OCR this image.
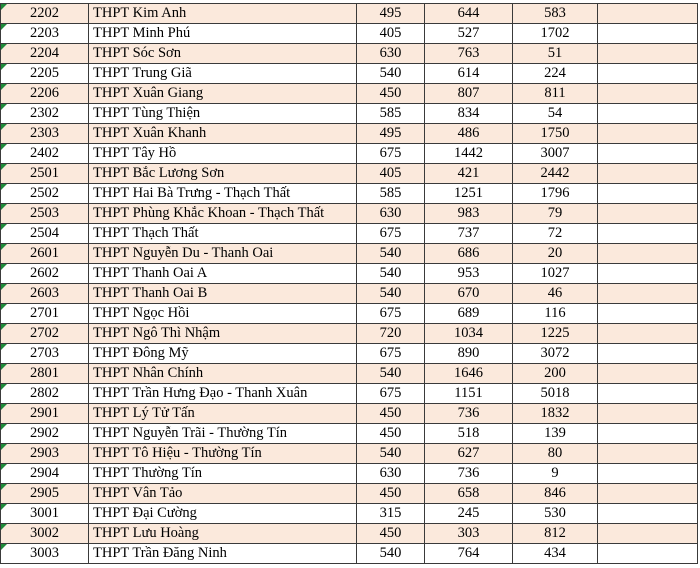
2202	THPT Kim Anh	495	644	583	
2203	THPT Minh Phú	405	527	1702	
2204	THPT Sóc Sơn	630	763	51	
2205	THPT Trung Giã	540	614	224	
2206	THPT Xuân Giang	450	807	811	
2302	THPT Tùng Thiện	585	834	54	
2303	THPT Xuân Khanh	495	486	1750	
2402	THPT Tây Hồ	675	1442	3007	
2501	THPT Bắc Lương Sơn	405	421	2442	
2502	THPT Hai Bà Trưng - Thạch Thất	585	1251	1796	
2503	THPT Phùng Khắc Khoan - Thạch Thất	630	983	79	
2504	THPT Thạch Thất	675	737	72	
2601	THPT Nguyễn Du - Thanh Oai	540	686	20	
2602	THPT Thanh Oai A	540	953	1027	
2603	THPT Thanh Oai B	540	670	46	
2701	THPT Ngọc Hồi	675	689	116	
2702	THPT Ngô Thì Nhậm	720	1034	1225	
2703	THPT Đông Mỹ	675	890	3072	
2801	THPT Nhân Chính	540	1646	200	
2802	THPT Trần Hưng Đạo - Thanh Xuân	675	1151	5018	
2901	THPT Lý Tử Tấn	450	736	1832	
2902	THPT Nguyễn Trãi - Thường Tín	450	518	139	
2903	THPT Tô Hiệu - Thường Tín	540	627	80	
2904	THPT Thường Tín	630	736	9	
2905	THPT Vân Tảo	450	658	846	
3001	THPT Đại Cường	315	245	530	
3002	THPT Lưu Hoàng	450	303	812	
3003	THPT Trần Đăng Ninh	540	764	434	
